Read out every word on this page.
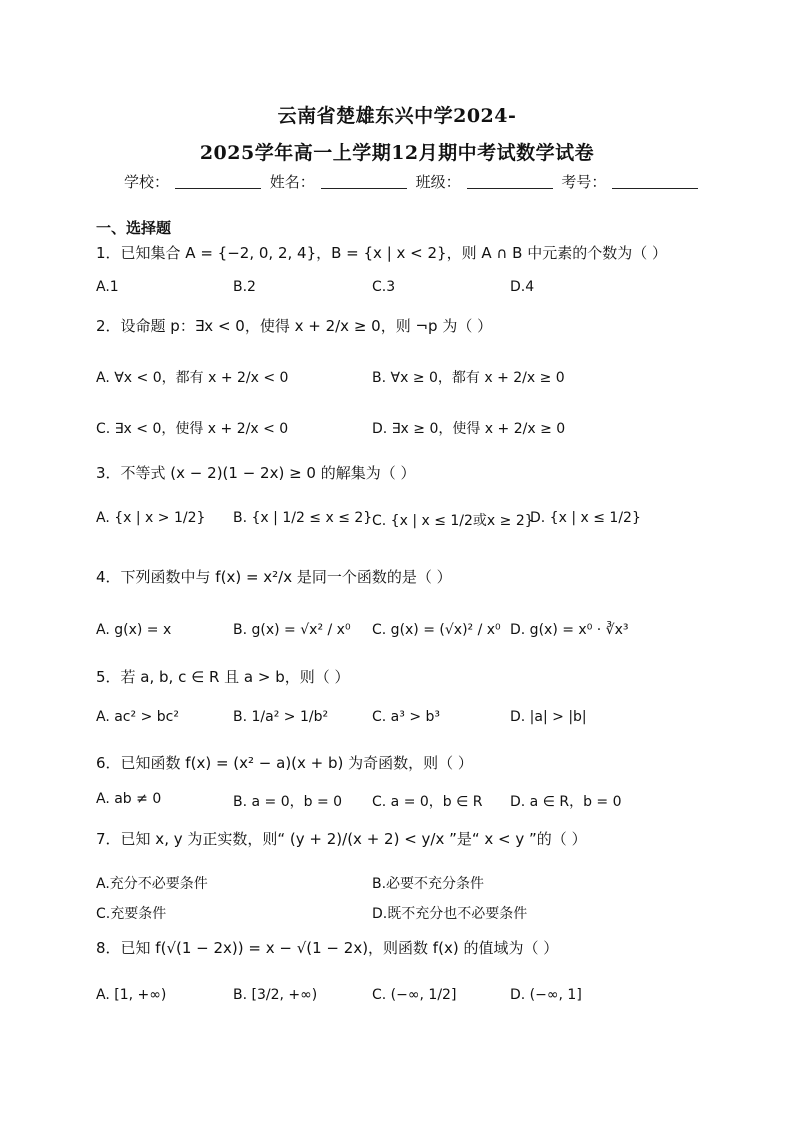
云南省楚雄东兴中学2024-
2025学年高一上学期12月期中考试数学试卷
学校：	姓名：	班级：	考号：
一、选择题
1．已知集合 A = {−2, 0, 2, 4}，B = {x | x < 2}，则 A ∩ B 中元素的个数为（ ）
A.1	B.2	C.3	D.4
2．设命题 p：∃x < 0，使得 x + 2/x ≥ 0，则 ¬p 为（ ）
A. ∀x < 0，都有 x + 2/x < 0	B. ∀x ≥ 0，都有 x + 2/x ≥ 0
C. ∃x < 0，使得 x + 2/x < 0	D. ∃x ≥ 0，使得 x + 2/x ≥ 0
3．不等式 (x − 2)(1 − 2x) ≥ 0 的解集为（ ）
A. {x | x > 1/2} B. {x | 1/2 ≤ x ≤ 2} C. {x | x ≤ 1/2或x ≥ 2}
D. {x | x ≤ 1/2}
4．下列函数中与 f(x) = x²/x 是同一个函数的是（ ）
A. g(x) = x	B. g(x) = √x² / x⁰ C. g(x) = (√x)² / x⁰ D. g(x) = x⁰ · ∛x³
5．若 a, b, c ∈ R 且 a > b，则（ ）
A. ac² > bc²	B. 1/a² > 1/b²	C. a³ > b³	D. |a| > |b|
6．已知函数 f(x) = (x² − a)(x + b) 为奇函数，则（ ）
A. ab ≠ 0	B. a = 0，b = 0 C. a = 0，b ∈ R D. a ∈ R，b = 0
7．已知 x, y 为正实数，则“ (y + 2)/(x + 2) < y/x ”是“ x < y ”的（ ）
A.充分不必要条件	B.必要不充分条件
C.充要条件	D.既不充分也不必要条件
8．已知 f(√(1 − 2x)) = x − √(1 − 2x)，则函数 f(x) 的值域为（ ）
A. [1, +∞)	B. [3/2, +∞)	C. (−∞, 1/2]	D. (−∞, 1]
